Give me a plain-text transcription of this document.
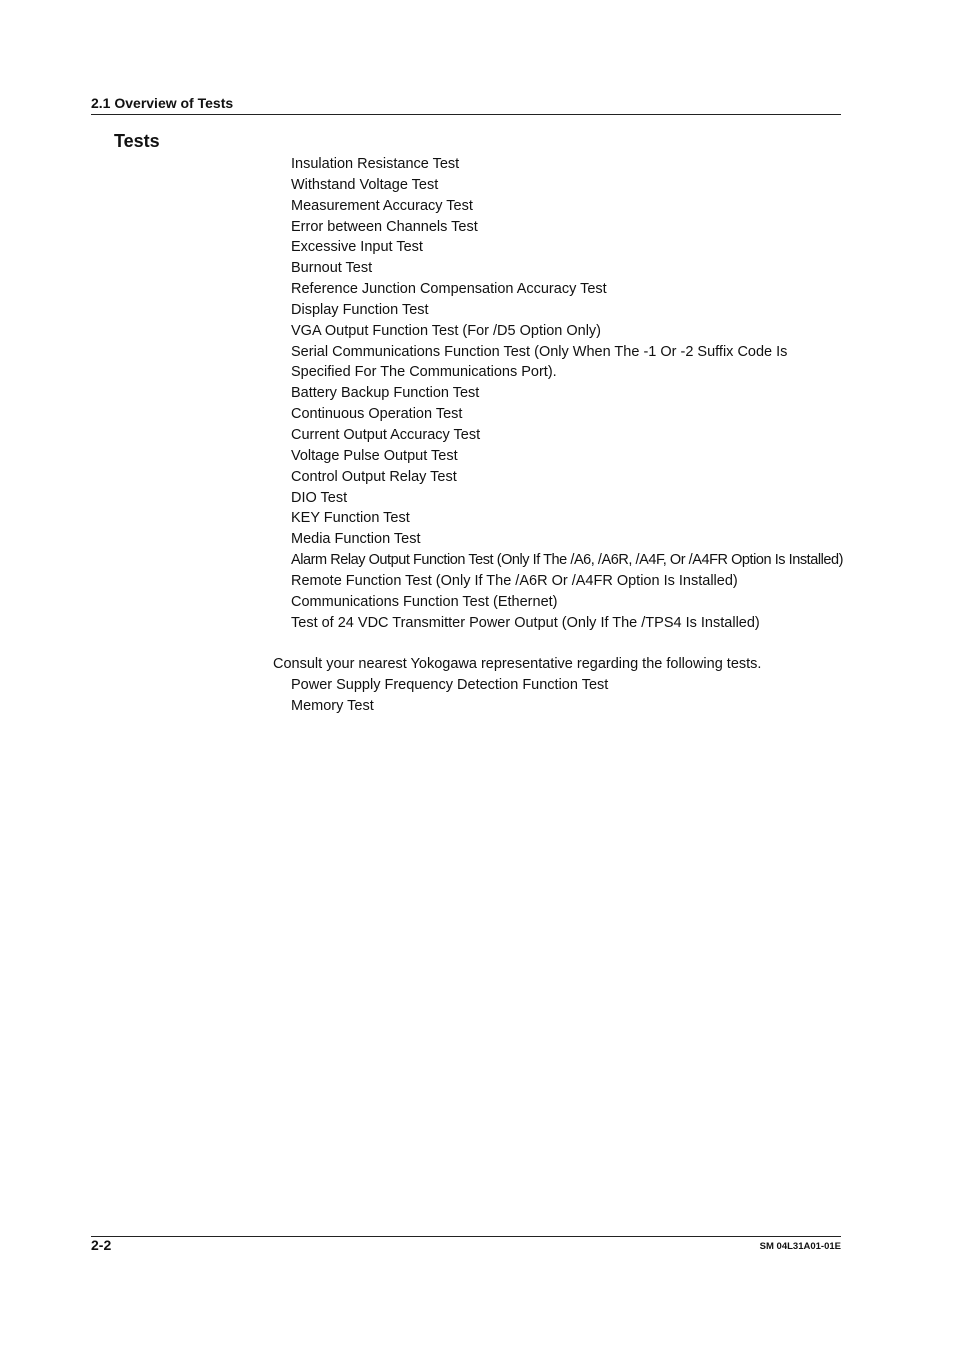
2.1 Overview of Tests
Tests
Insulation Resistance Test
Withstand Voltage Test
Measurement Accuracy Test
Error between Channels Test
Excessive Input Test
Burnout Test
Reference Junction Compensation Accuracy Test
Display Function Test
VGA Output Function Test (For /D5 Option Only)
Serial Communications Function Test (Only When The -1 Or -2 Suffix Code Is
Specified For The Communications Port).
Battery Backup Function Test
Continuous Operation Test
Current Output Accuracy Test
Voltage Pulse Output Test
Control Output Relay Test
DIO Test
KEY Function Test
Media Function Test
Alarm Relay Output Function Test (Only If The /A6, /A6R, /A4F, Or /A4FR Option Is Installed)
Remote Function Test (Only If The /A6R Or /A4FR Option Is Installed)
Communications Function Test (Ethernet)
Test of 24 VDC Transmitter Power Output (Only If The /TPS4 Is Installed)
Consult your nearest Yokogawa representative regarding the following tests.
Power Supply Frequency Detection Function Test
Memory Test
2-2	SM 04L31A01-01E
